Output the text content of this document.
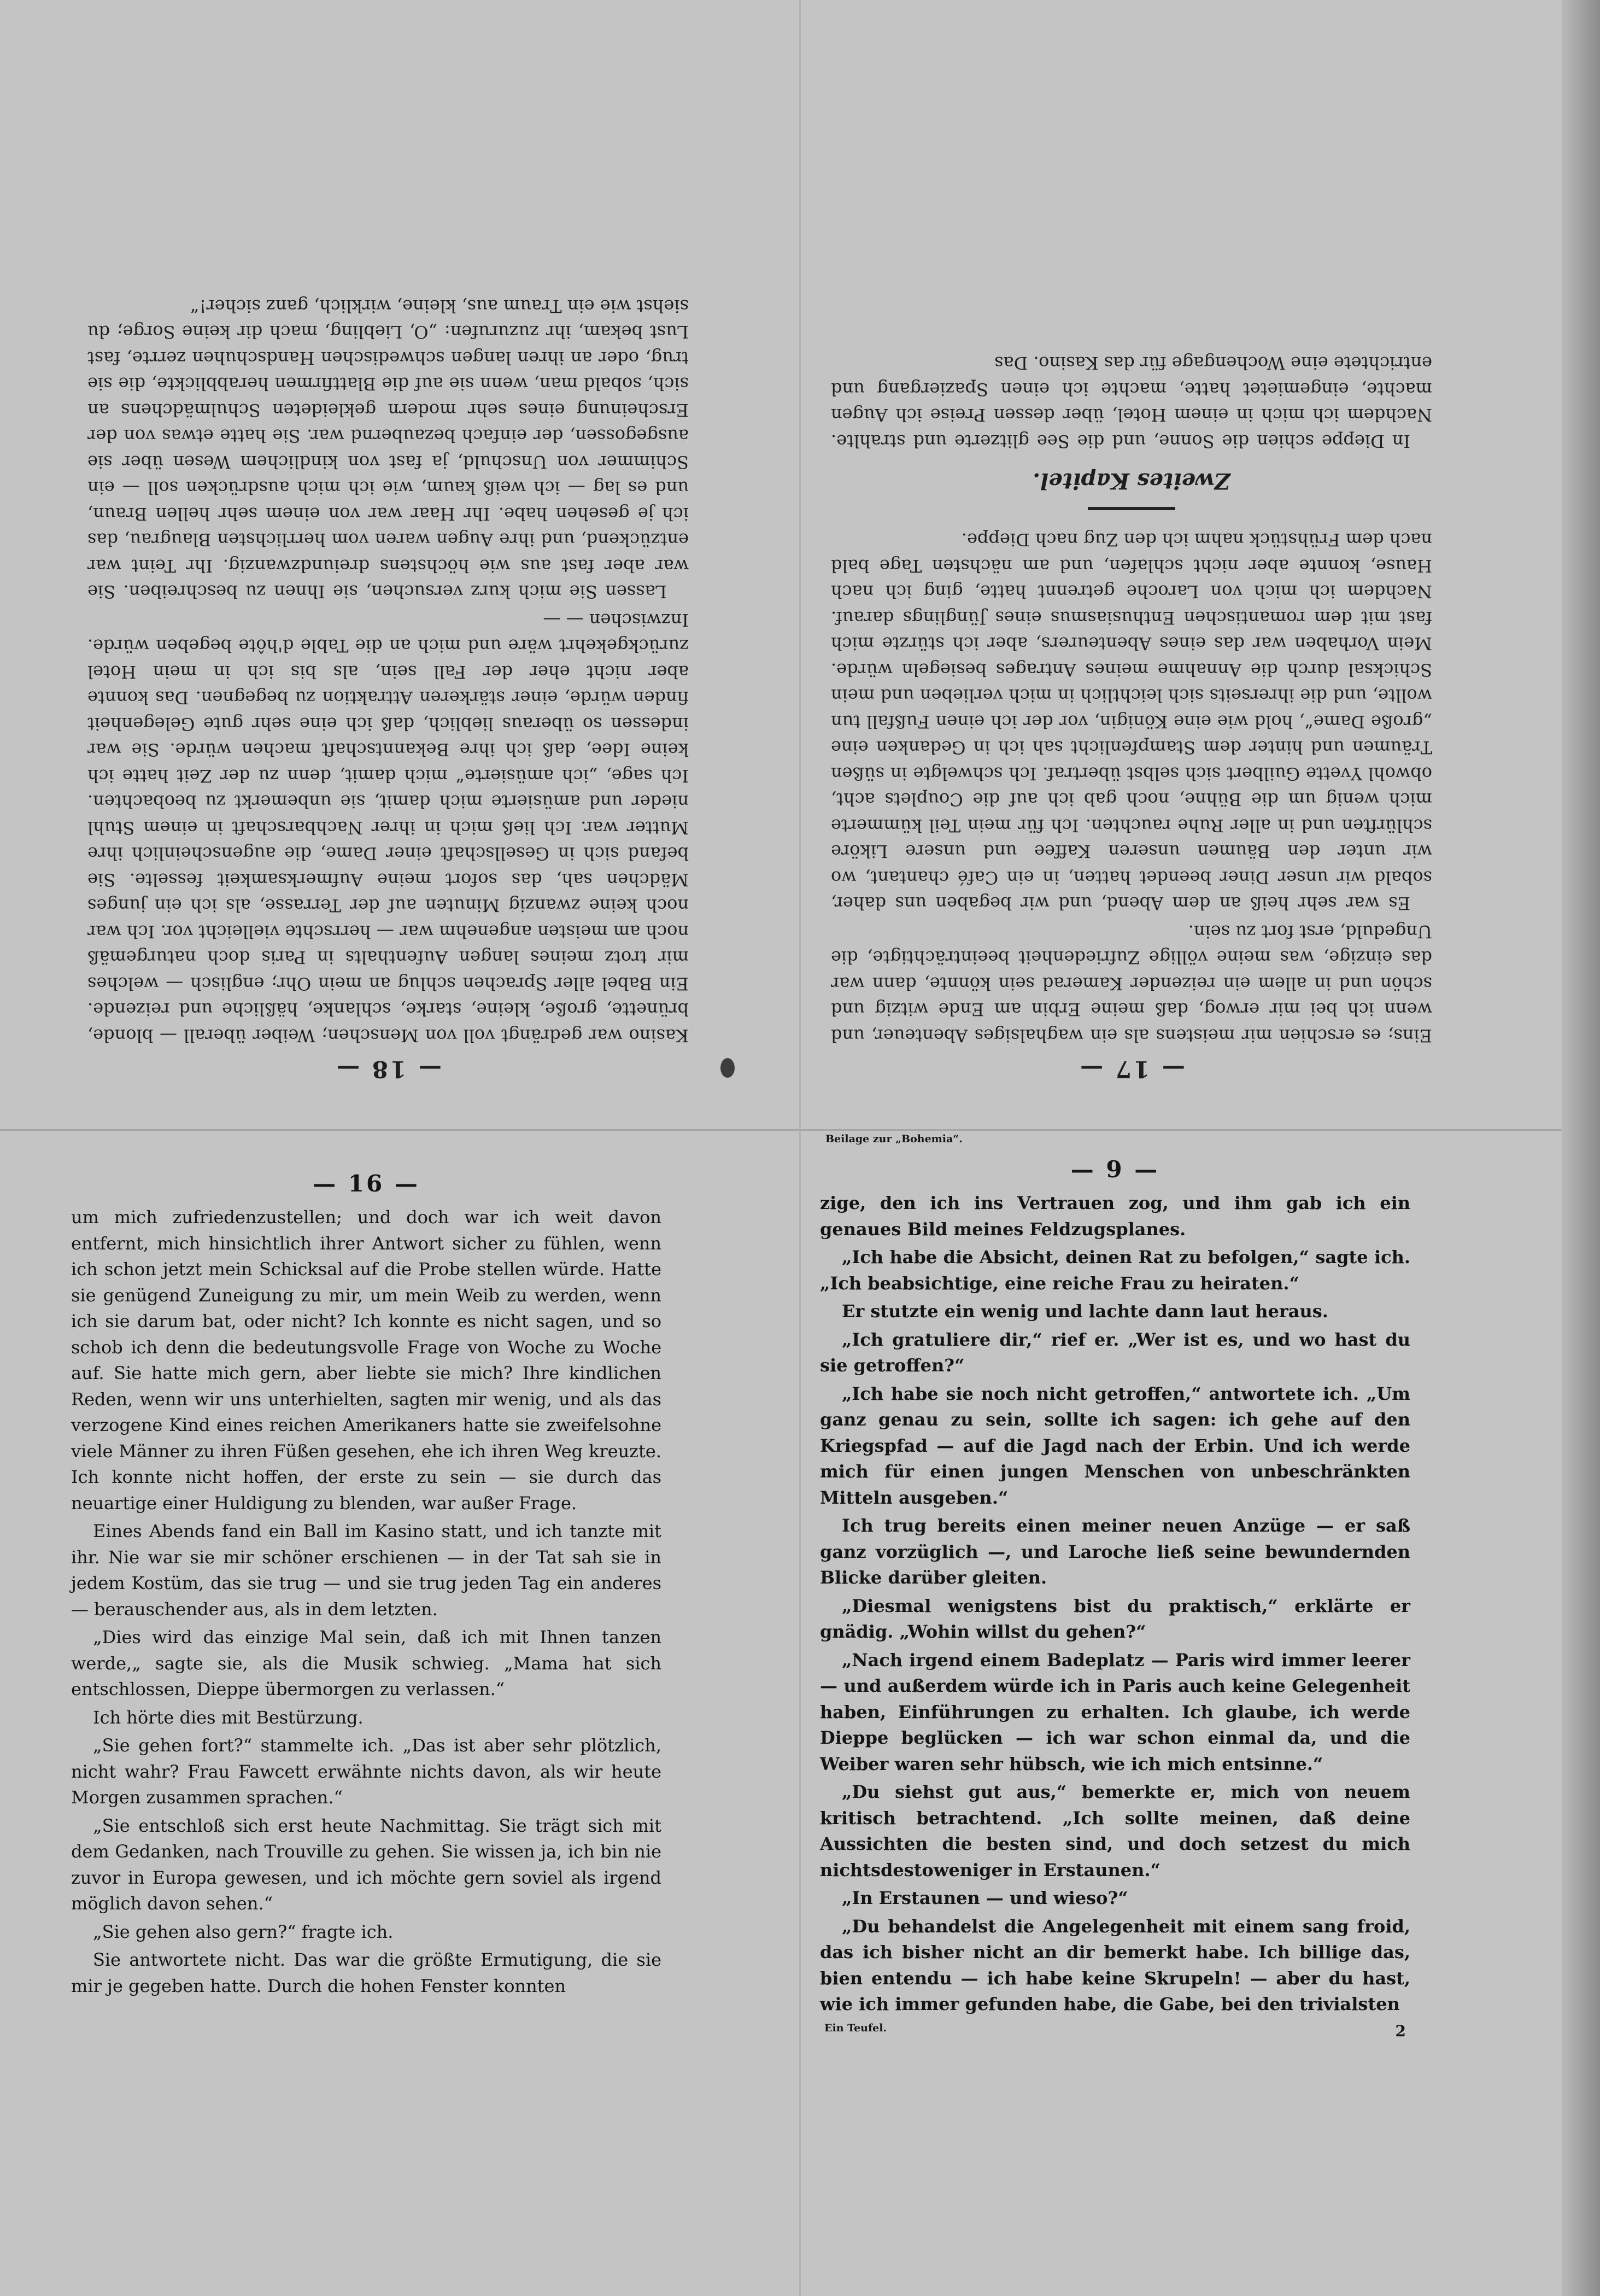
— 18 —

Kasino war gedrängt voll von Menschen; Weiber überall — blonde, brünette, große, kleine, starke, schlanke, häßliche und reizende. Ein Babel aller Sprachen schlug an mein Ohr; englisch — welches mir trotz meines langen Aufenthalts in Paris doch naturgemäß noch am meisten angenehm war — herrschte vielleicht vor. Ich war noch keine zwanzig Minuten auf der Terrasse, als ich ein junges Mädchen sah, das sofort meine Aufmerksamkeit fesselte. Sie befand sich in Gesellschaft einer Dame, die augenscheinlich ihre Mutter war. Ich ließ mich in ihrer Nachbarschaft in einem Stuhl nieder und amüsierte mich damit, sie unbemerkt zu beobachten. Ich sage, „ich amüsierte“ mich damit, denn zu der Zeit hatte ich keine Idee, daß ich ihre Bekanntschaft machen würde. Sie war indessen so überaus lieblich, daß ich eine sehr gute Gelegenheit finden würde, einer stärkeren Attraktion zu begegnen. Das konnte aber nicht eher der Fall sein, als bis ich in mein Hotel zurückgekehrt wäre und mich an die Table d'hôte begeben würde. Inzwischen — —

Lassen Sie mich kurz versuchen, sie Ihnen zu beschreiben. Sie war aber fast aus wie höchstens dreiundzwanzig. Ihr Teint war entzückend, und ihre Augen waren vom herrlichsten Blaugrau, das ich je gesehen habe. Ihr Haar war von einem sehr hellen Braun, und es lag — ich weiß kaum, wie ich mich ausdrücken soll — ein Schimmer von Unschuld, ja fast von kindlichem Wesen über sie ausgegossen, der einfach bezaubernd war. Sie hatte etwas von der Erscheinung eines sehr modern gekleideten Schulmädchens an sich, sobald man, wenn sie auf die Blattfirmen herabblickte, die sie trug, oder an ihren langen schwedischen Handschuhen zerrte, fast Lust bekam, ihr zuzurufen: „O, Liebling, mach dir keine Sorge; du siehst wie ein Traum aus, kleine, wirklich, ganz sicher!“

— 17 —

Eins; es erschien mir meistens als ein waghalsiges Abenteuer, und wenn ich bei mir erwog, daß meine Erbin am Ende witzig und schön und in allem ein reizender Kamerad sein könnte, dann war das einzige, was meine völlige Zufriedenheit beeinträchtigte, die Ungeduld, erst fort zu sein.

Es war sehr heiß an dem Abend, und wir begaben uns daher, sobald wir unser Diner beendet hatten, in ein Café chantant, wo wir unter den Bäumen unseren Kaffee und unsere Liköre schlürften und in aller Ruhe rauchten. Ich für mein Teil kümmerte mich wenig um die Bühne, noch gab ich auf die Couplets acht, obwohl Yvette Guilbert sich selbst übertraf. Ich schwelgte in süßen Träumen und hinter dem Stampfenlicht sah ich in Gedanken eine „große Dame“, hold wie eine Königin, vor der ich einen Fußfall tun wollte, und die ihrerseits sich leichtlich in mich verlieben und mein Schicksal durch die Annahme meines Antrages besiegeln würde. Mein Vorhaben war das eines Abenteurers, aber ich stürzte mich fast mit dem romantischen Enthusiasmus eines Jünglings darauf. Nachdem ich mich von Laroche getrennt hatte, ging ich nach Hause, konnte aber nicht schlafen, und am nächsten Tage bald nach dem Frühstück nahm ich den Zug nach Dieppe.

Zweites Kapitel.

In Dieppe schien die Sonne, und die See glitzerte und strahlte. Nachdem ich mich in einem Hotel, über dessen Preise ich Augen machte, eingemietet hatte, machte ich einen Spaziergang und entrichtete eine Wochengage für das Kasino. Das

— 16 —

um mich zufriedenzustellen; und doch war ich weit davon entfernt, mich hinsichtlich ihrer Antwort sicher zu fühlen, wenn ich schon jetzt mein Schicksal auf die Probe stellen würde. Hatte sie genügend Zuneigung zu mir, um mein Weib zu werden, wenn ich sie darum bat, oder nicht? Ich konnte es nicht sagen, und so schob ich denn die bedeutungsvolle Frage von Woche zu Woche auf. Sie hatte mich gern, aber liebte sie mich? Ihre kindlichen Reden, wenn wir uns unterhielten, sagten mir wenig, und als das verzogene Kind eines reichen Amerikaners hatte sie zweifelsohne viele Männer zu ihren Füßen gesehen, ehe ich ihren Weg kreuzte. Ich konnte nicht hoffen, der erste zu sein — sie durch das neuartige einer Huldigung zu blenden, war außer Frage.

Eines Abends fand ein Ball im Kasino statt, und ich tanzte mit ihr. Nie war sie mir schöner erschienen — in der Tat sah sie in jedem Kostüm, das sie trug — und sie trug jeden Tag ein anderes — berauschender aus, als in dem letzten.

„Dies wird das einzige Mal sein, daß ich mit Ihnen tanzen werde,„ sagte sie, als die Musik schwieg. „Mama hat sich entschlossen, Dieppe übermorgen zu verlassen.“

Ich hörte dies mit Bestürzung.

„Sie gehen fort?“ stammelte ich. „Das ist aber sehr plötzlich, nicht wahr? Frau Fawcett erwähnte nichts davon, als wir heute Morgen zusammen sprachen.“

„Sie entschloß sich erst heute Nachmittag. Sie trägt sich mit dem Gedanken, nach Trouville zu gehen. Sie wissen ja, ich bin nie zuvor in Europa gewesen, und ich möchte gern soviel als irgend möglich davon sehen.“

„Sie gehen also gern?“ fragte ich.

Sie antwortete nicht. Das war die größte Ermutigung, die sie mir je gegeben hatte. Durch die hohen Fenster konnten

Beilage zur „Bohemia“.
— 9 —

zige, den ich ins Vertrauen zog, und ihm gab ich ein genaues Bild meines Feldzugsplanes.

„Ich habe die Absicht, deinen Rat zu befolgen,“ sagte ich. „Ich beabsichtige, eine reiche Frau zu heiraten.“

Er stutzte ein wenig und lachte dann laut heraus.

„Ich gratuliere dir,“ rief er. „Wer ist es, und wo hast du sie getroffen?“

„Ich habe sie noch nicht getroffen,“ antwortete ich. „Um ganz genau zu sein, sollte ich sagen: ich gehe auf den Kriegspfad — auf die Jagd nach der Erbin. Und ich werde mich für einen jungen Menschen von unbeschränkten Mitteln ausgeben.“

Ich trug bereits einen meiner neuen Anzüge — er saß ganz vorzüglich —, und Laroche ließ seine bewundernden Blicke darüber gleiten.

„Diesmal wenigstens bist du praktisch,“ erklärte er gnädig. „Wohin willst du gehen?“

„Nach irgend einem Badeplatz — Paris wird immer leerer — und außerdem würde ich in Paris auch keine Gelegenheit haben, Einführungen zu erhalten. Ich glaube, ich werde Dieppe beglücken — ich war schon einmal da, und die Weiber waren sehr hübsch, wie ich mich entsinne.“

„Du siehst gut aus,“ bemerkte er, mich von neuem kritisch betrachtend. „Ich sollte meinen, daß deine Aussichten die besten sind, und doch setzest du mich nichtsdestoweniger in Erstaunen.“

„In Erstaunen — und wieso?“

„Du behandelst die Angelegenheit mit einem sang froid, das ich bisher nicht an dir bemerkt habe. Ich billige das, bien entendu — ich habe keine Skrupeln! — aber du hast, wie ich immer gefunden habe, die Gabe, bei den trivialsten

Ein Teufel.	2
